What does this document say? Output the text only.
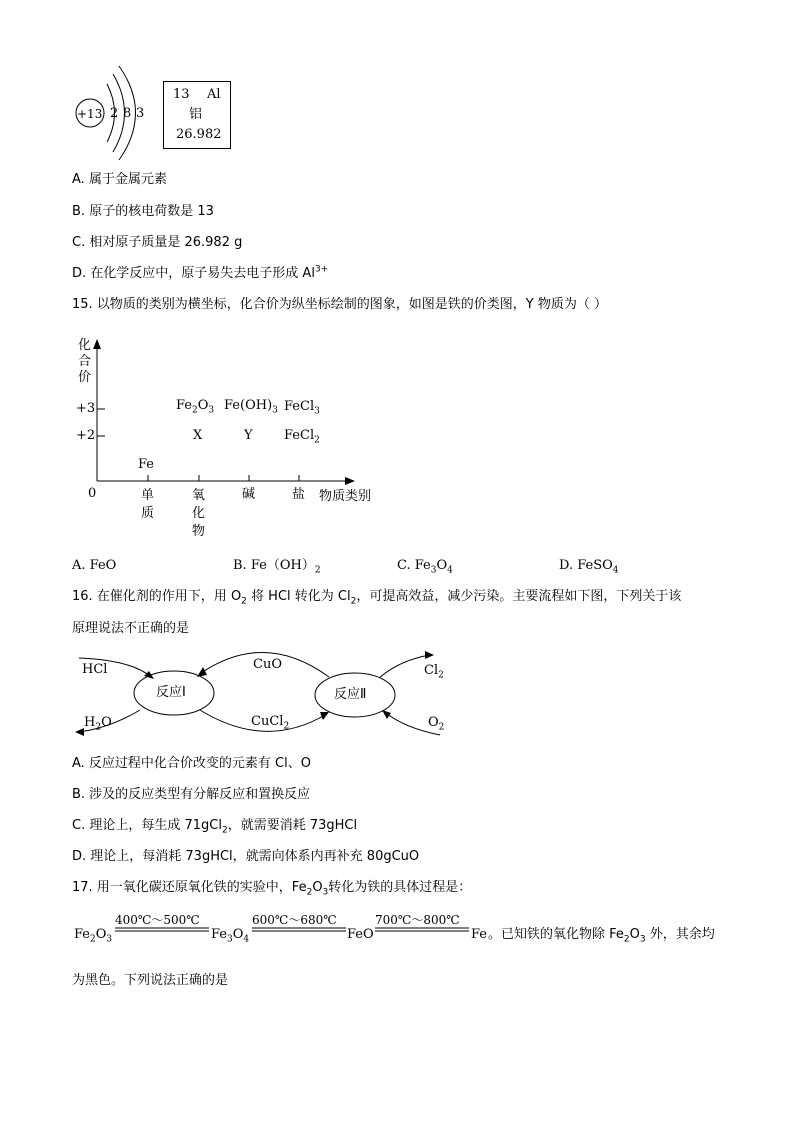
+13 2 8 3
13 Al
铝
26.982
A. 属于金属元素
B. 原子的核电荷数是 13
C. 相对原子质量是 26.982 g
D. 在化学反应中，原子易失去电子形成 $Al^{3+}$
15. 以物质的类别为横坐标，化合价为纵坐标绘制的图象，如图是铁的价类图，Y 物质为（ ）
化
合
价
+3
+2
0	单
质
氧
化
物
碱	盐 物质类别
Fe
$Fe_2O_3$ $Fe(OH)_3$ FeCl$_3$
X	Y FeCl$_2$
A. FeO	B. $Fe(OH)_2$	C. $Fe_3O_4$	D. FeSO$_4$
16. 在催化剂的作用下，用 $O_2$ 将 HCl 转化为 $Cl_2$，可提高效益，减少污染。主要流程如下图，下列关于该
原理说法不正确的是
HCl
$H_2O$
反应Ⅰ	反应Ⅱ
CuO
CuCl$_2$
$Cl_2$
$O_2$
A. 反应过程中化合价改变的元素有 Cl、O
B. 涉及的反应类型有分解反应和置换反应
C. 理论上，每生成 71gCl$_2$，就需要消耗 73gHCl
D. 理论上，每消耗 73gHCl，就需向体系内再补充 80gCuO
17. 用一氧化碳还原氧化铁的实验中，$Fe_2O_3$转化为铁的具体过程是：
$Fe_2O_3$
400℃～500℃
$Fe_3O_4$
600℃～680℃
FeO
700℃～800℃
Fe 。已知铁的氧化物除 $Fe_2O_3$ 外，其余均
为黑色。下列说法正确的是
